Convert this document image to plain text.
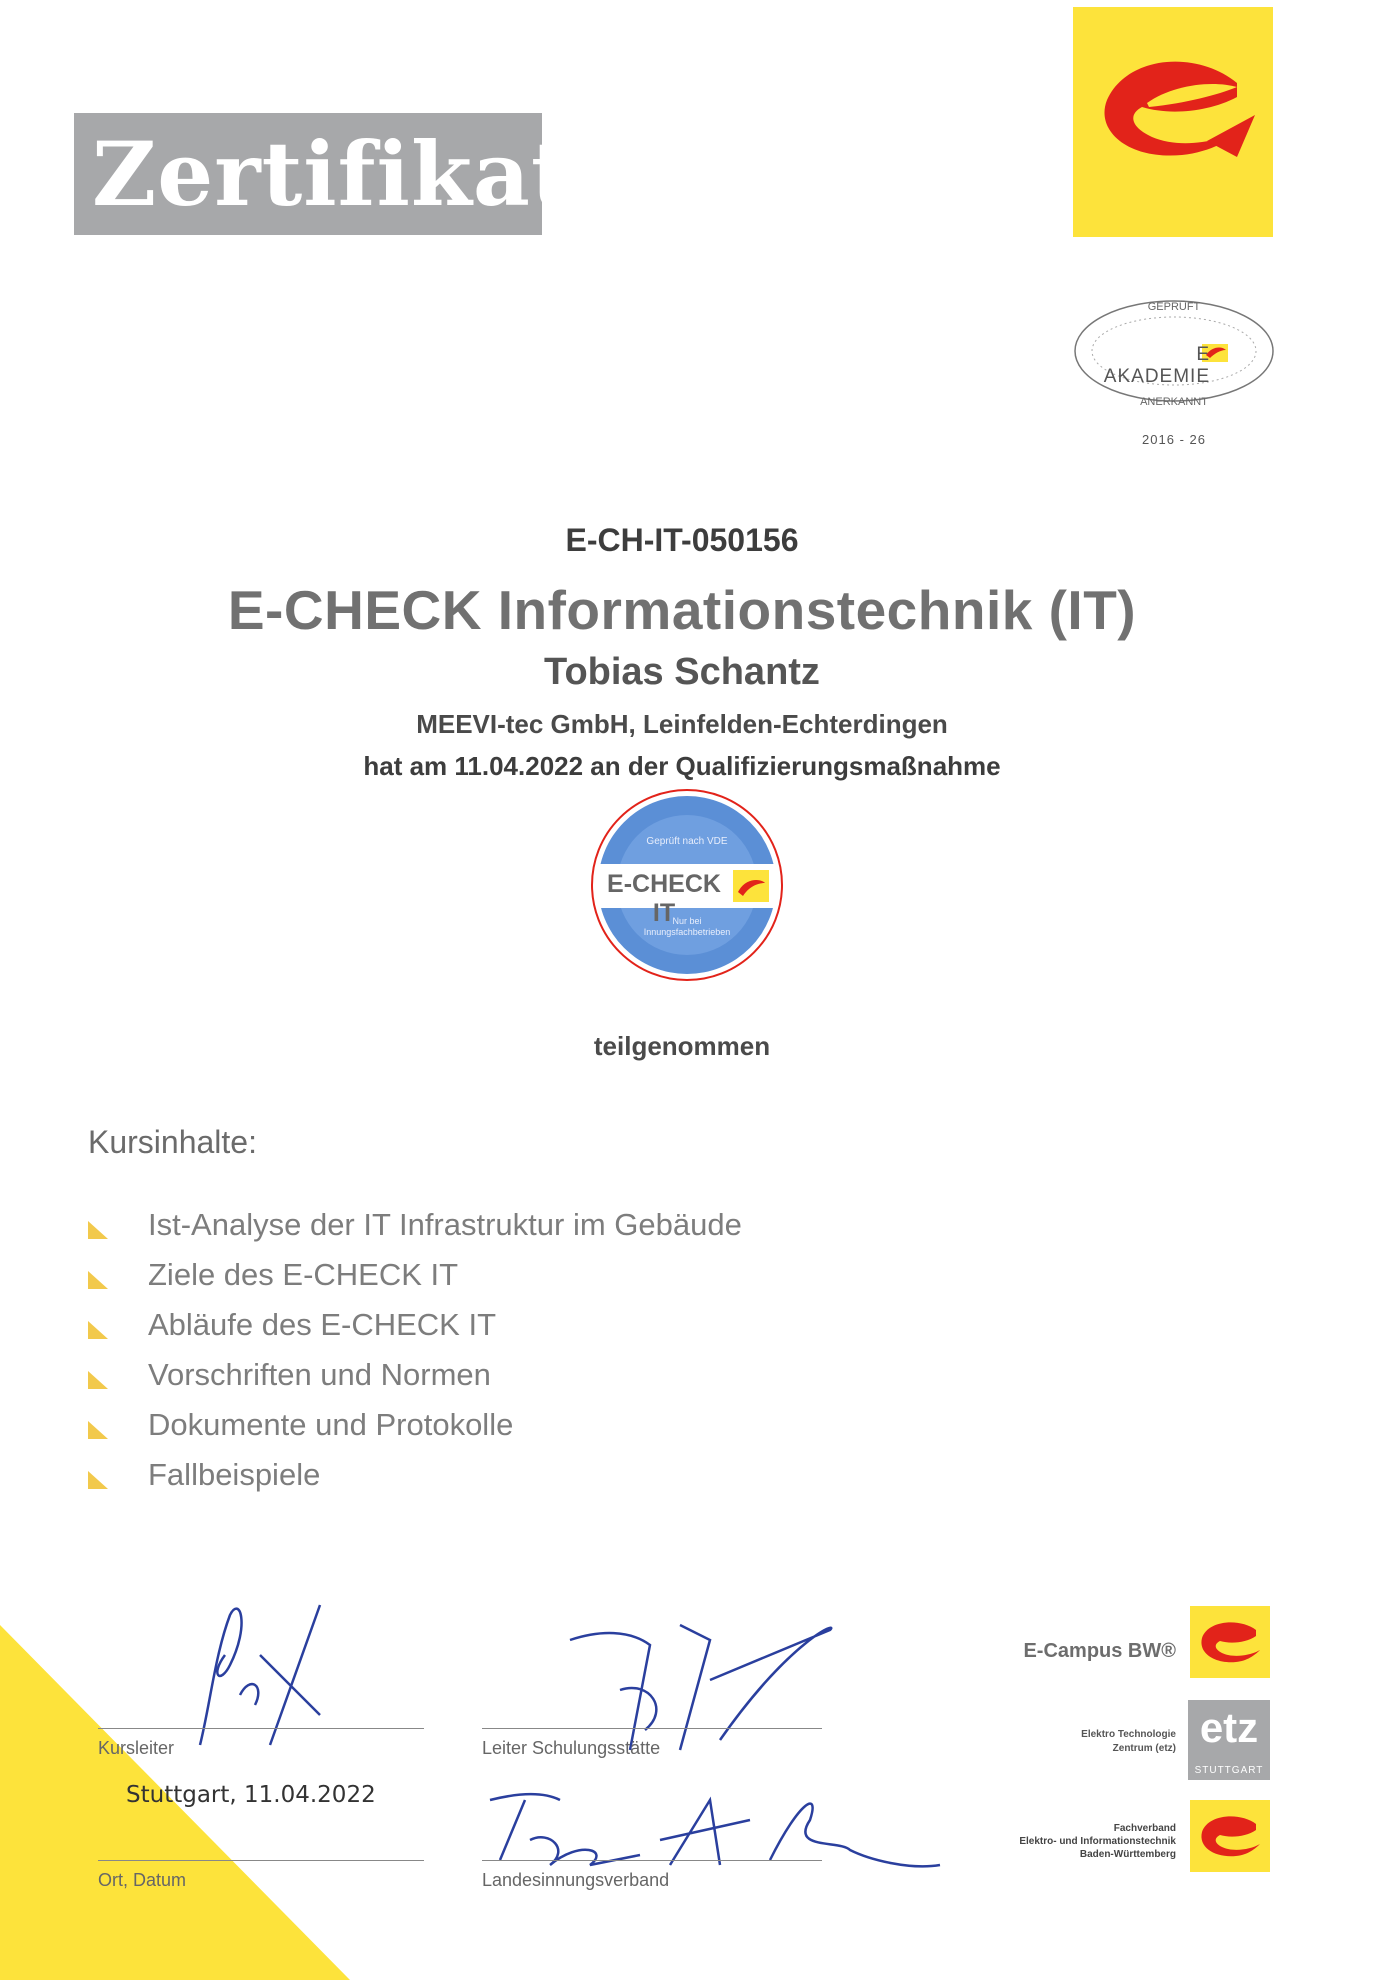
Zertifikat
GEPRÜFT
E AKADEMIE
ANERKANNT
2016 - 26
E-CH-IT-050156
E-CHECK Informationstechnik (IT)
Tobias Schantz
MEEVI-tec GmbH, Leinfelden-Echterdingen
hat am 11.04.2022 an der Qualifizierungsmaßnahme
Geprüft nach VDE
E-CHECK IT
Nur bei Innungsfachbetrieben
teilgenommen
Kursinhalte:
Ist-Analyse der IT Infrastruktur im Gebäude
Ziele des E-CHECK IT
Abläufe des E-CHECK IT
Vorschriften und Normen
Dokumente und Protokolle
Fallbeispiele
Kursleiter
Stuttgart, 11.04.2022
Ort, Datum
Leiter Schulungsstätte
Landesinnungsverband
E-Campus BW®
Elektro Technologie
Zentrum (etz) etz
STUTTGART
Fachverband
Elektro- und Informationstechnik
Baden-Württemberg
